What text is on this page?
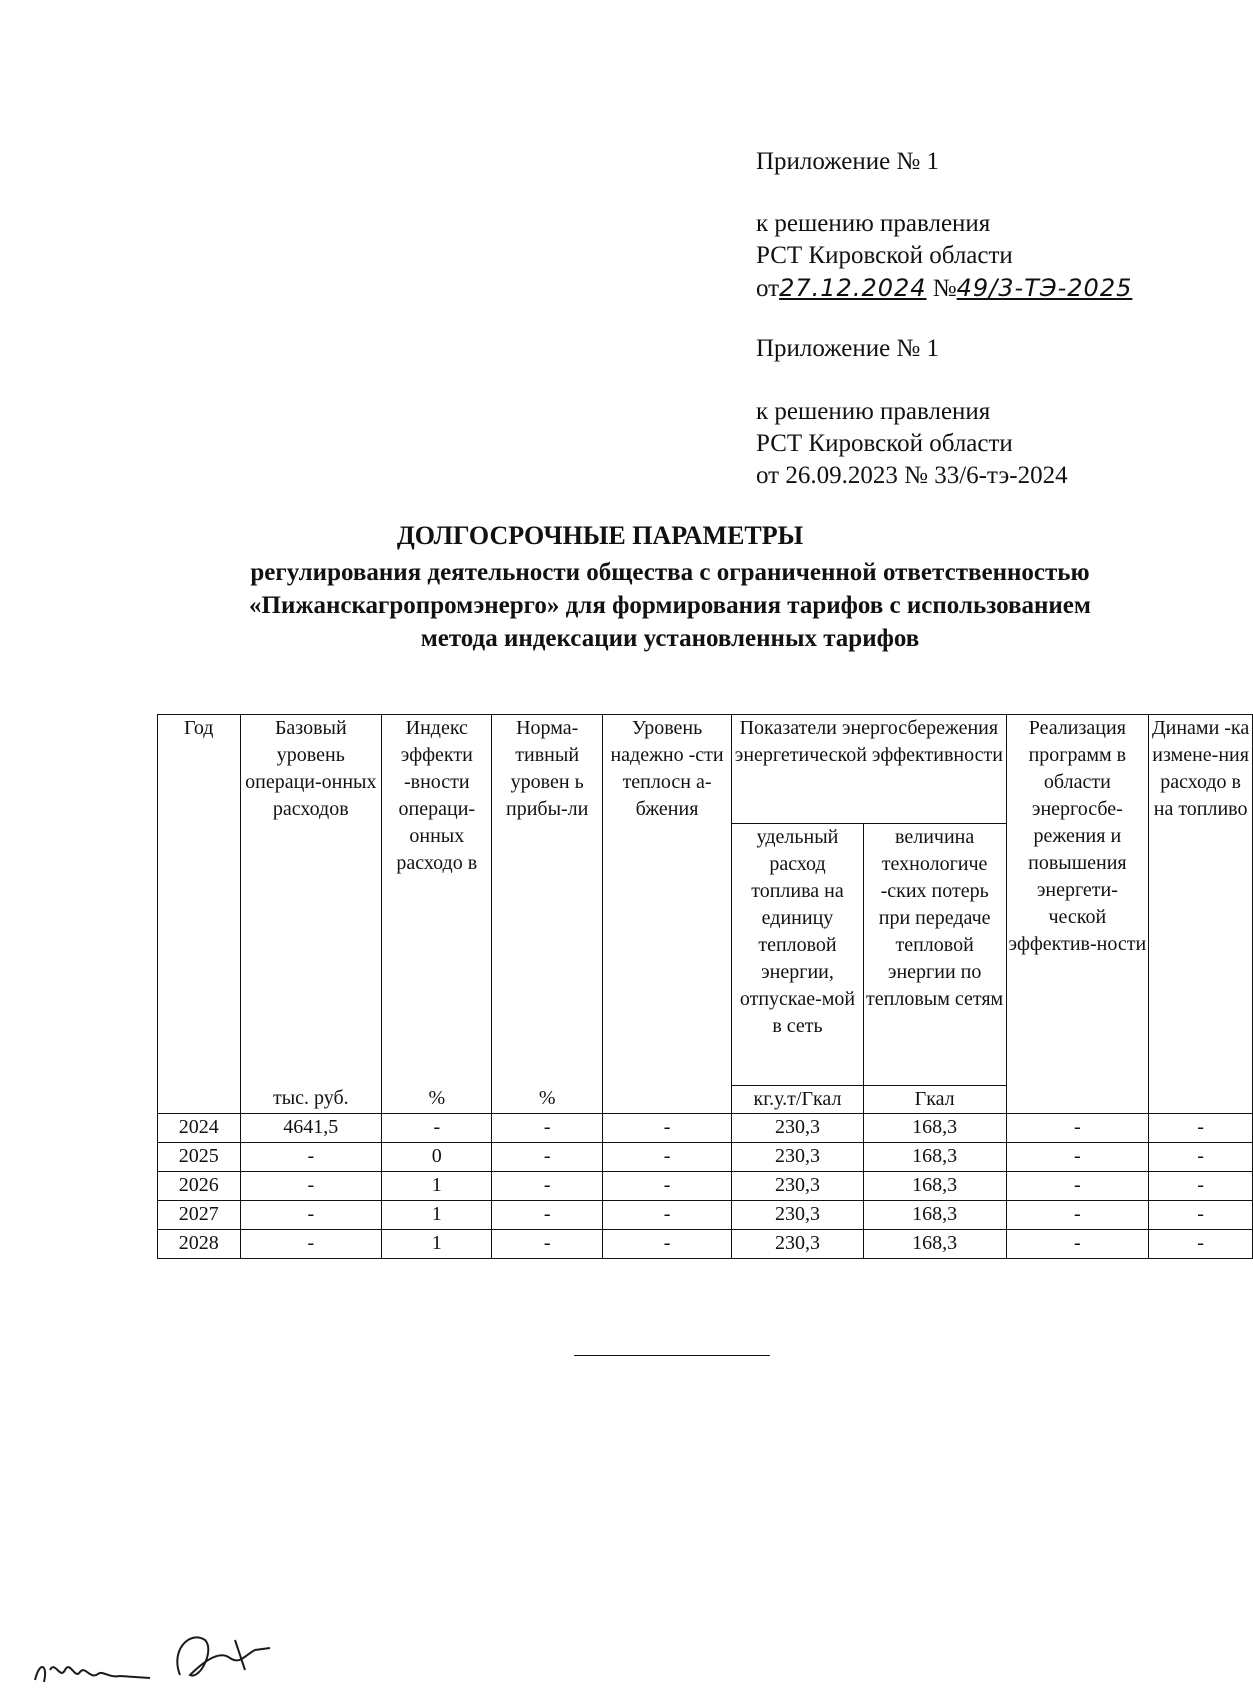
Приложение № 1
к решению правления
РСТ Кировской области
от27.12.2024 №49/3-ТЭ-2025
Приложение № 1
к решению правления
РСТ Кировской области
от 26.09.2023 № 33/6-тэ-2024
ДОЛГОСРОЧНЫЕ ПАРАМЕТРЫ
регулирования деятельности общества с ограниченной ответственностью «Пижанскагропромэнерго» для формирования тарифов с использованием метода индексации установленных тарифов
Год	Базовый уровень операци-онных расходов	Индекс эффекти -вности операци-онных расходо в	Норма-тивный уровен ь прибы-ли	Уровень надежно -сти теплосн а-бжения	Показатели энергосбережения энергетической эффективности		Реализация программ в области энергосбе-режения и повышения энергети-ческой эффектив-ности	Динами -ка измене-ния расходо в на топливо
					удельный расход топлива на единицу тепловой энергии, отпускае-мой в сеть	величина технологиче -ских потерь при передаче тепловой энергии по тепловым сетям		
	тыс. руб.	%	%		кг.у.т/Гкал	Гкал		
2024	4641,5	-	-	-	230,3	168,3	-	-
2025	-	0	-	-	230,3	168,3	-	-
2026	-	1	-	-	230,3	168,3	-	-
2027	-	1	-	-	230,3	168,3	-	-
2028	-	1	-	-	230,3	168,3	-	-
